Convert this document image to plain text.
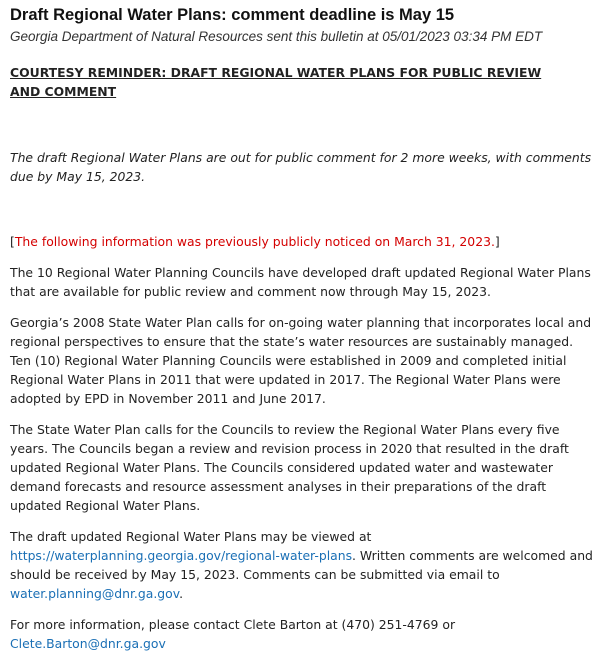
Draft Regional Water Plans: comment deadline is May 15
Georgia Department of Natural Resources sent this bulletin at 05/01/2023 03:34 PM EDT
COURTESY REMINDER: DRAFT REGIONAL WATER PLANS FOR PUBLIC REVIEW AND COMMENT
The draft Regional Water Plans are out for public comment for 2 more weeks, with comments due by May 15, 2023.
[The following information was previously publicly noticed on March 31, 2023.]

The 10 Regional Water Planning Councils have developed draft updated Regional Water Plans that are available for public review and comment now through May 15, 2023.

Georgia’s 2008 State Water Plan calls for on-going water planning that incorporates local and regional perspectives to ensure that the state’s water resources are sustainably managed. Ten (10) Regional Water Planning Councils were established in 2009 and completed initial Regional Water Plans in 2011 that were updated in 2017. The Regional Water Plans were adopted by EPD in November 2011 and June 2017.

The State Water Plan calls for the Councils to review the Regional Water Plans every five years. The Councils began a review and revision process in 2020 that resulted in the draft updated Regional Water Plans. The Councils considered updated water and wastewater demand forecasts and resource assessment analyses in their preparations of the draft updated Regional Water Plans.

The draft updated Regional Water Plans may be viewed at https://waterplanning.georgia.gov/regional-water-plans. Written comments are welcomed and should be received by May 15, 2023. Comments can be submitted via email to water.planning@dnr.ga.gov.

For more information, please contact Clete Barton at (470) 251-4769 or Clete.Barton@dnr.ga.gov
